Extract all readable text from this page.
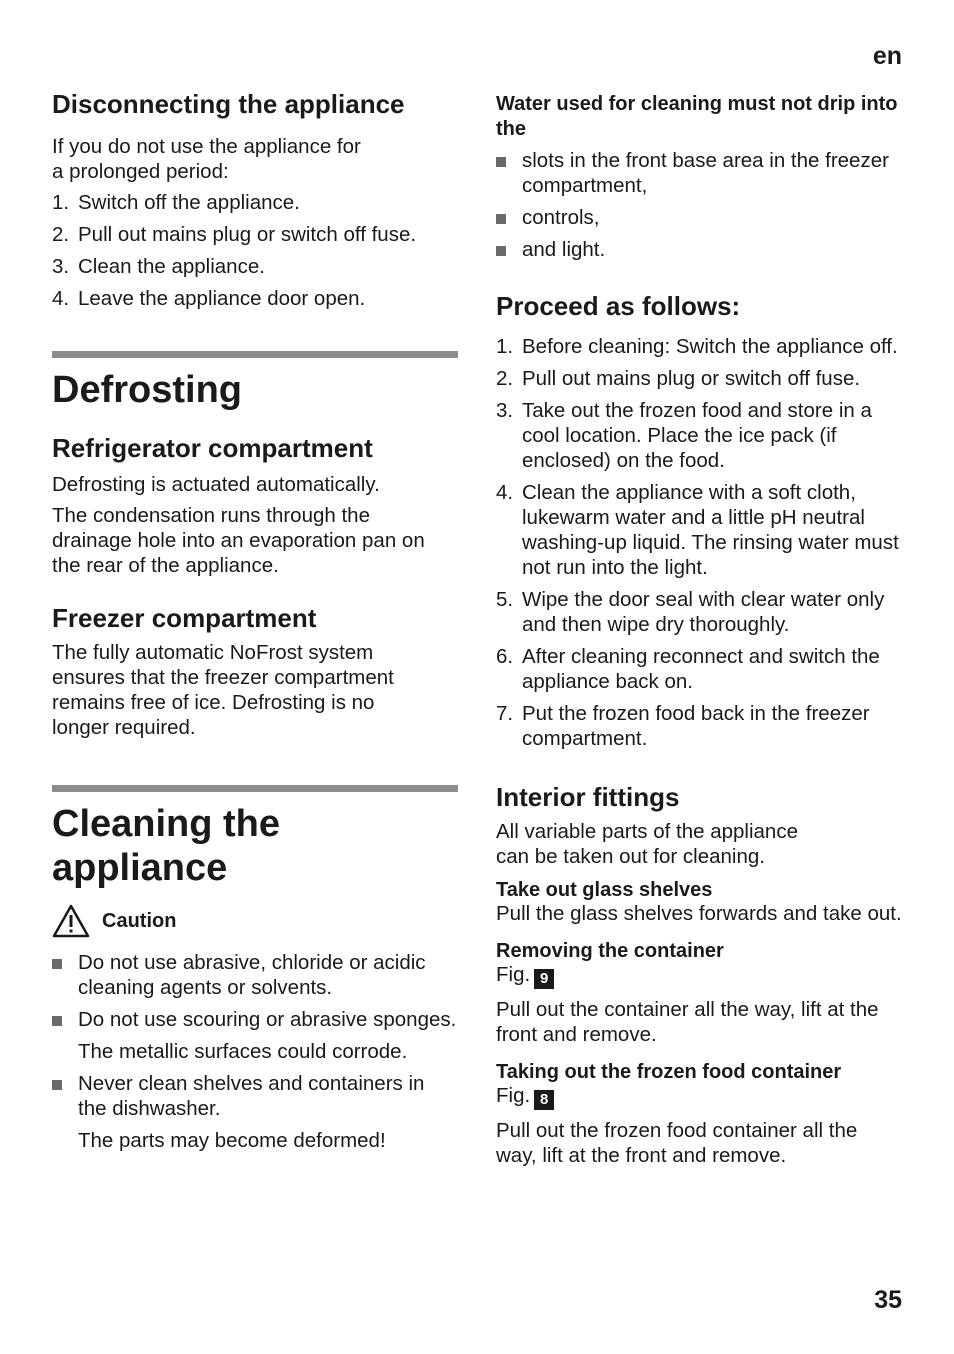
en
Disconnecting the appliance

If you do not use the appliance for a prolonged period:

1. Switch off the appliance.
2. Pull out mains plug or switch off fuse.
3. Clean the appliance.
4. Leave the appliance door open.
Defrosting
Refrigerator compartment

Defrosting is actuated automatically.

The condensation runs through the drainage hole into an evaporation pan on the rear of the appliance.

Freezer compartment

The fully automatic NoFrost system ensures that the freezer compartment remains free of ice. Defrosting is no longer required.

Cleaning the appliance
Caution
Do not use abrasive, chloride or acidic cleaning agents or solvents.
Do not use scouring or abrasive sponges.
The metallic surfaces could corrode.
Never clean shelves and containers in the dishwasher.
The parts may become deformed!
Water used for cleaning must not drip into the
slots in the front base area in the freezer compartment,
controls,
and light.
Proceed as follows:
1. Before cleaning: Switch the appliance off.
2. Pull out mains plug or switch off fuse.
3. Take out the frozen food and store in a cool location. Place the ice pack (if enclosed) on the food.
4. Clean the appliance with a soft cloth, lukewarm water and a little pH neutral washing-up liquid. The rinsing water must not run into the light.
5. Wipe the door seal with clear water only and then wipe dry thoroughly.
6. After cleaning reconnect and switch the appliance back on.
7. Put the frozen food back in the freezer compartment.
Interior fittings

All variable parts of the appliance can be taken out for cleaning.

Take out glass shelves

Pull the glass shelves forwards and take out.

Removing the container

Fig. 9

Pull out the container all the way, lift at the front and remove.

Taking out the frozen food container

Fig. 8

Pull out the frozen food container all the way, lift at the front and remove.

35
